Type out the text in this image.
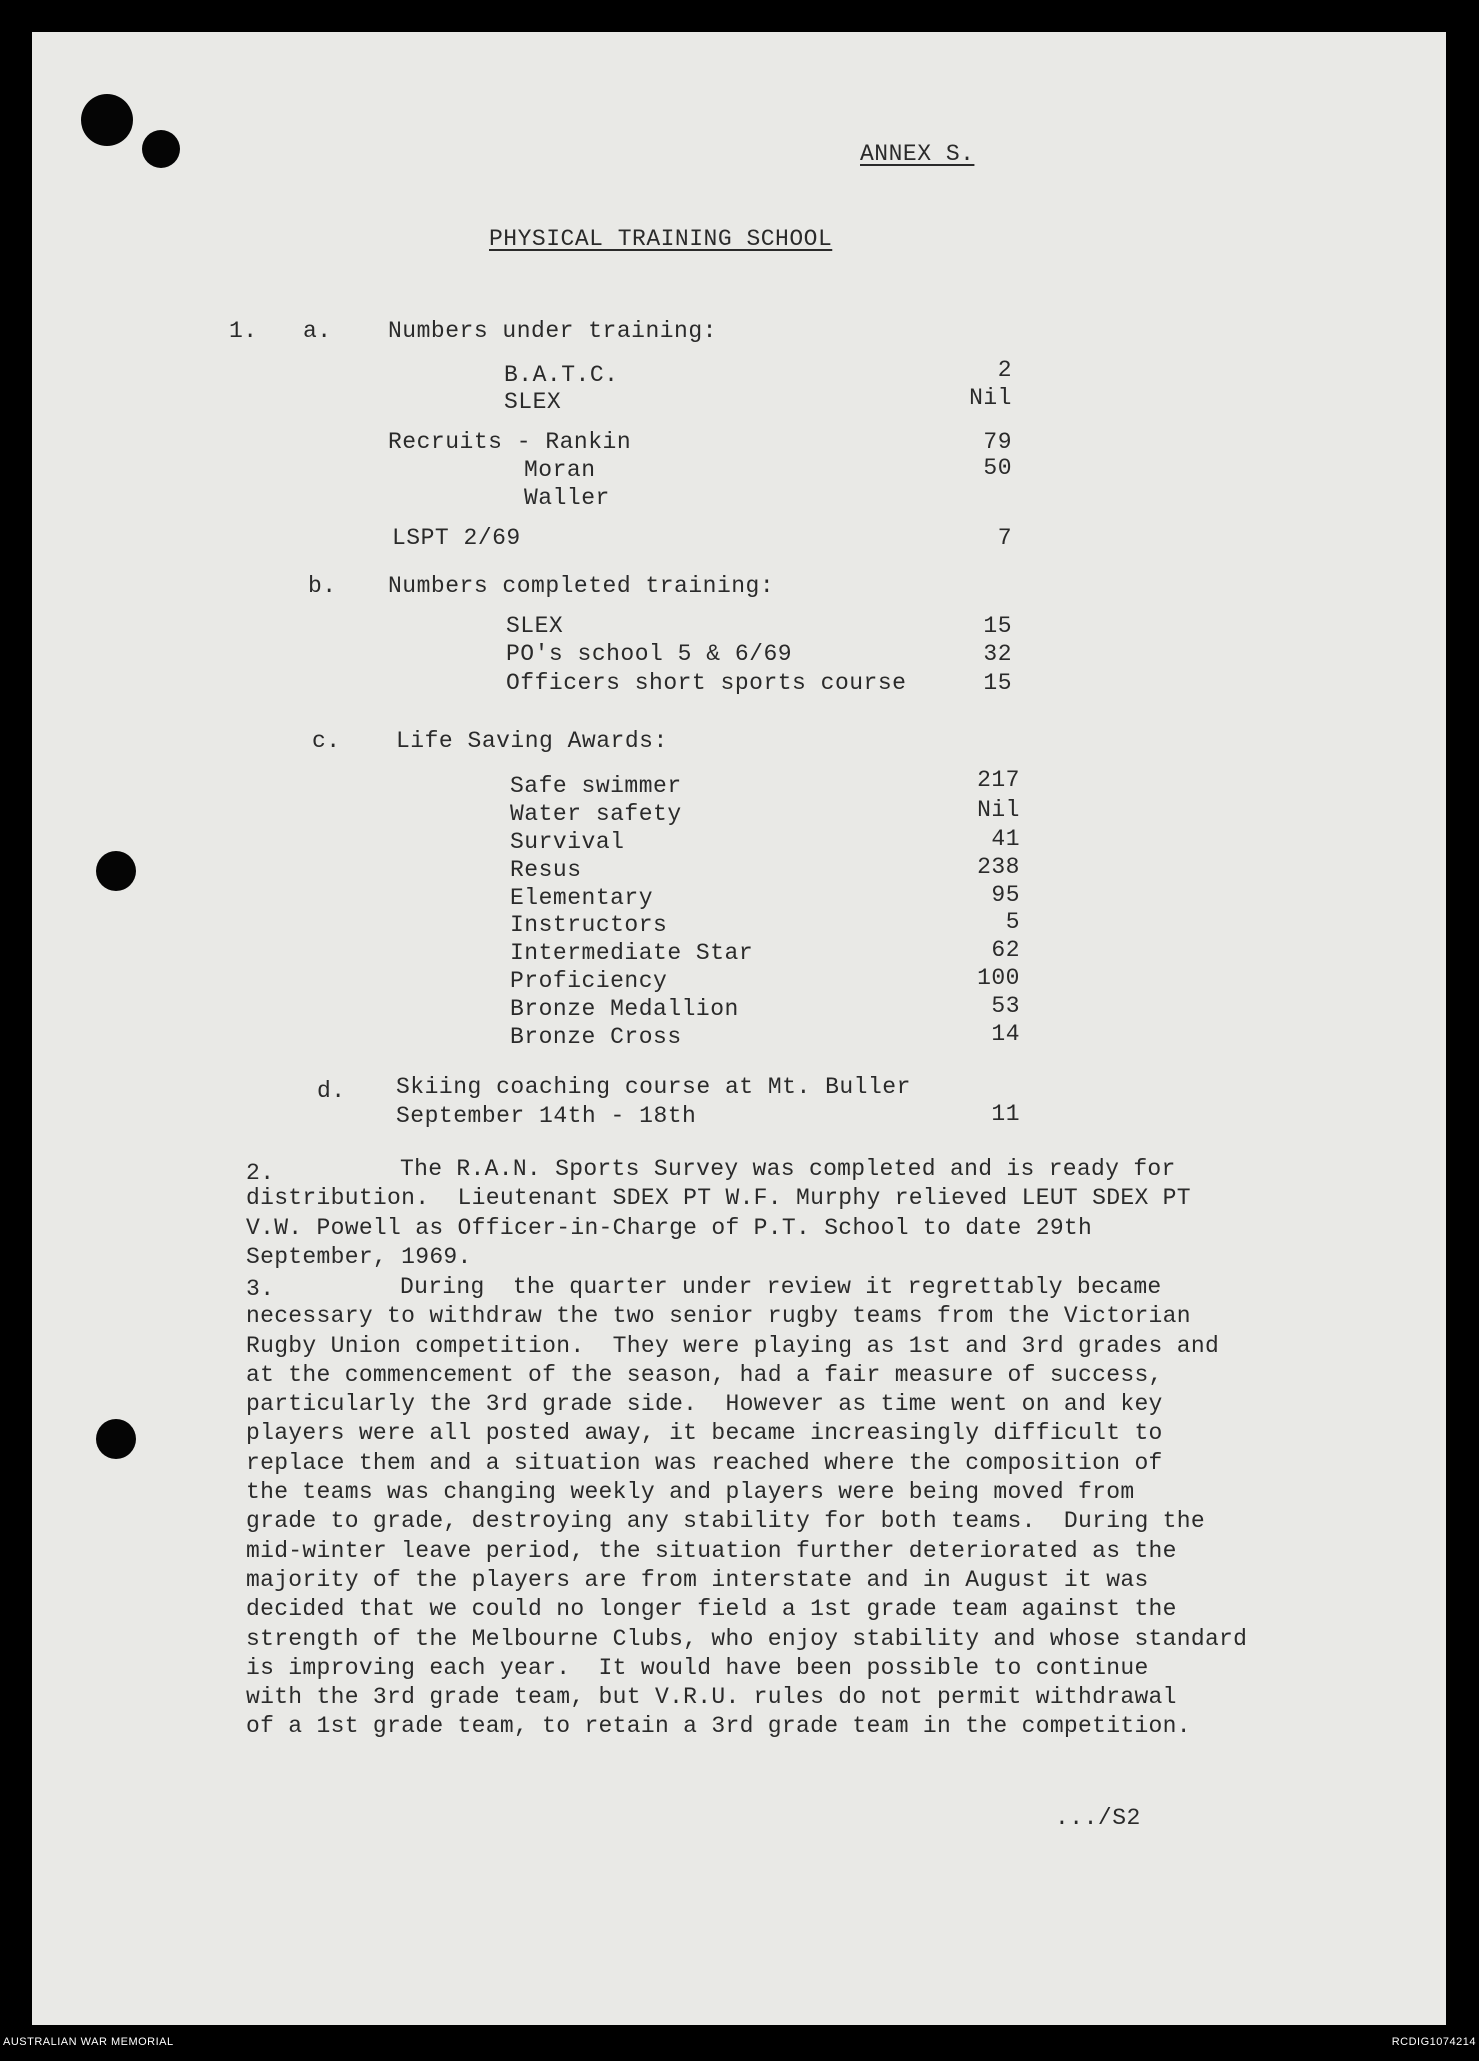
ANNEX S.
PHYSICAL TRAINING SCHOOL
1. a. Numbers under training:
B.A.T.C.	2
SLEX	Nil
Recruits - Rankin	79
Moran	50
Waller
LSPT 2/69	7
b. Numbers completed training:
SLEX	15
PO's school 5 & 6/69	32
Officers short sports course	15
c. Life Saving Awards:
Safe swimmer	217
Water safety	Nil
Survival	41
Resus	238
Elementary	95
Instructors	5
Intermediate Star	62
Proficiency	100
Bronze Medallion	53
Bronze Cross	14
d. Skiing coaching course at Mt. Buller
September 14th - 18th	11
2.	The R.A.N. Sports Survey was completed and is ready for
distribution.  Lieutenant SDEX PT W.F. Murphy relieved LEUT SDEX PT
V.W. Powell as Officer-in-Charge of P.T. School to date 29th
September, 1969.
3.	During  the quarter under review it regrettably became
necessary to withdraw the two senior rugby teams from the Victorian
Rugby Union competition.  They were playing as 1st and 3rd grades and
at the commencement of the season, had a fair measure of success,
particularly the 3rd grade side.  However as time went on and key
players were all posted away, it became increasingly difficult to
replace them and a situation was reached where the composition of
the teams was changing weekly and players were being moved from
grade to grade, destroying any stability for both teams.  During the
mid-winter leave period, the situation further deteriorated as the
majority of the players are from interstate and in August it was
decided that we could no longer field a 1st grade team against the
strength of the Melbourne Clubs, who enjoy stability and whose standard
is improving each year.  It would have been possible to continue
with the 3rd grade team, but V.R.U. rules do not permit withdrawal
of a 1st grade team, to retain a 3rd grade team in the competition.
.../S2
AUSTRALIAN WAR MEMORIAL	RCDIG1074214
